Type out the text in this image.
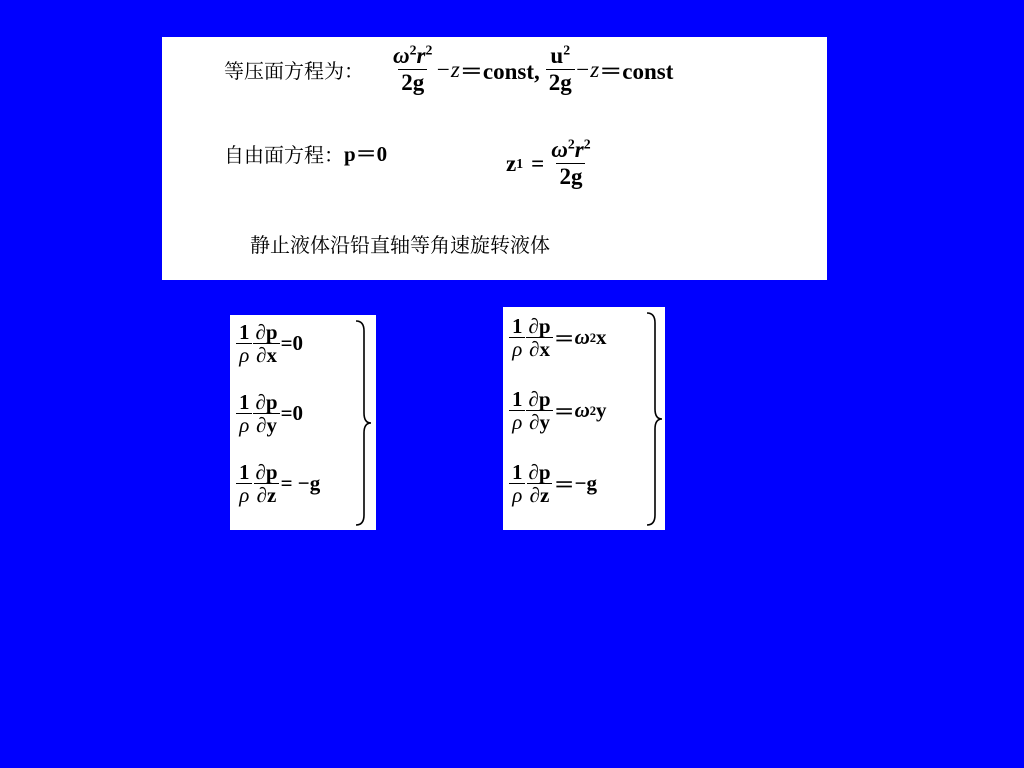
等压面方程为： $\frac{\omega^2r^2}{2g} -z$ ＝const, $\frac{u^2}{2g} -z$ ＝const
自由面方程： p＝0	z $1 = \frac{\omega^2r^2}{2g}$
静止液体沿铅直轴等角速旋转液体
$\frac{1}{\rho} \frac{\partial p}{\partial x} =0$
$\frac{1}{\rho} \frac{\partial p}{\partial y} =0$
$\frac{1}{\rho} \frac{\partial p}{\partial z} = -g$
$\frac{1}{\rho} \frac{\partial p}{\partial x} = \omega$ 2 x
$\frac{1}{\rho} \frac{\partial p}{\partial y} = \omega$ 2 y
$\frac{1}{\rho} \frac{\partial p}{\partial z} = -g$
